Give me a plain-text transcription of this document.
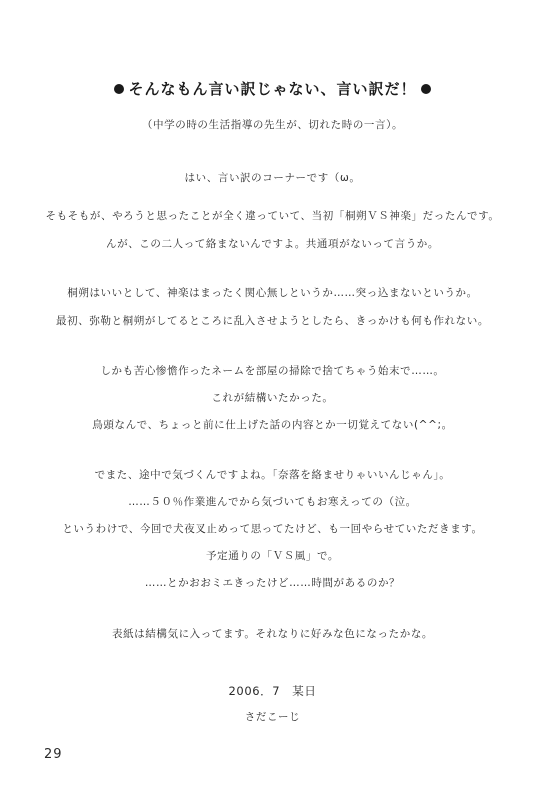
そんなもん言い訳じゃない、言い訳だ！
（中学の時の生活指導の先生が、切れた時の一言）。
はい、言い訳のコーナーです（ω。
そもそもが、やろうと思ったことが全く違っていて、当初「桐朔ＶＳ神楽」だったんです。
んが、この二人って絡まないんですよ。共通項がないって言うか。
桐朔はいいとして、神楽はまったく関心無しというか……突っ込まないというか。
最初、弥勒と桐朔がしてるところに乱入させようとしたら、きっかけも何も作れない。
しかも苦心惨憺作ったネームを部屋の掃除で捨てちゃう始末で……。
これが結構いたかった。
鳥頭なんで、ちょっと前に仕上げた話の内容とか一切覚えてない(^^;。
でまた、途中で気づくんですよね。「奈落を絡ませりゃいいんじゃん」。
……５０％作業進んでから気づいてもお寒えっての（泣。
というわけで、今回で犬夜叉止めって思ってたけど、も一回やらせていただきます。
予定通りの「ＶＳ風」で。
……とかおおミエきったけど……時間があるのか？
表紙は結構気に入ってます。それなりに好みな色になったかな。
2006．7　某日
さだこーじ
29
